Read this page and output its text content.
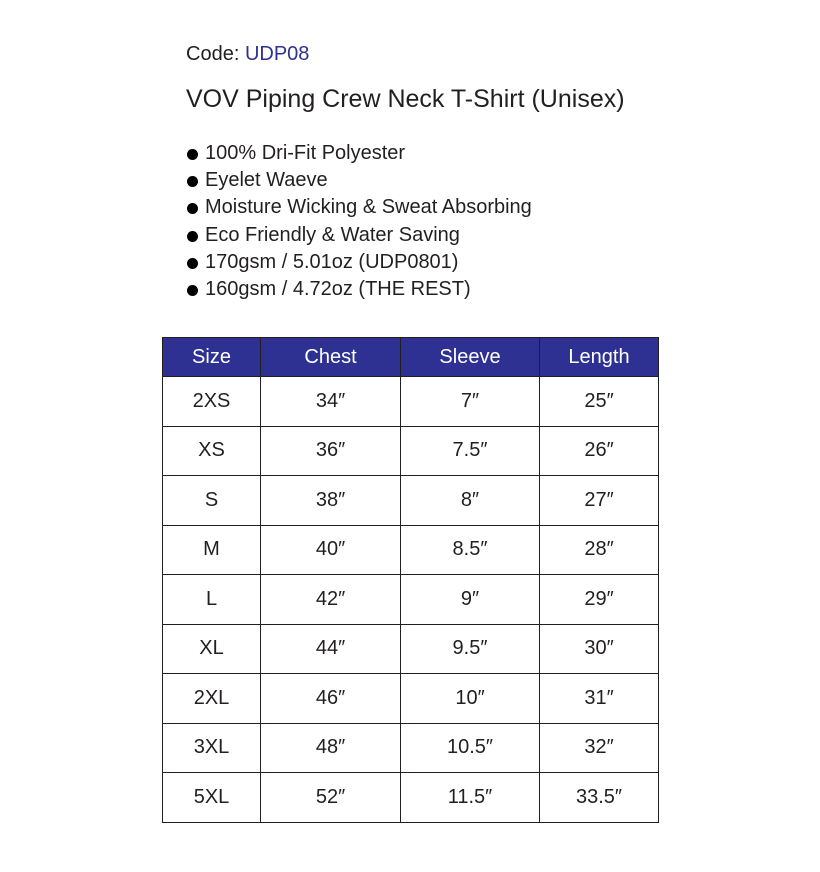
Code: UDP08
VOV Piping Crew Neck T-Shirt (Unisex)
100% Dri-Fit Polyester
Eyelet Waeve
Moisture Wicking & Sweat Absorbing
Eco Friendly & Water Saving
170gsm / 5.01oz (UDP0801)
160gsm / 4.72oz (THE REST)
Size	Chest	Sleeve	Length
2XS	34″	7″	25″
XS	36″	7.5″	26″
S	38″	8″	27″
M	40″	8.5″	28″
L	42″	9″	29″
XL	44″	9.5″	30″
2XL	46″	10″	31″
3XL	48″	10.5″	32″
5XL	52″	11.5″	33.5″
